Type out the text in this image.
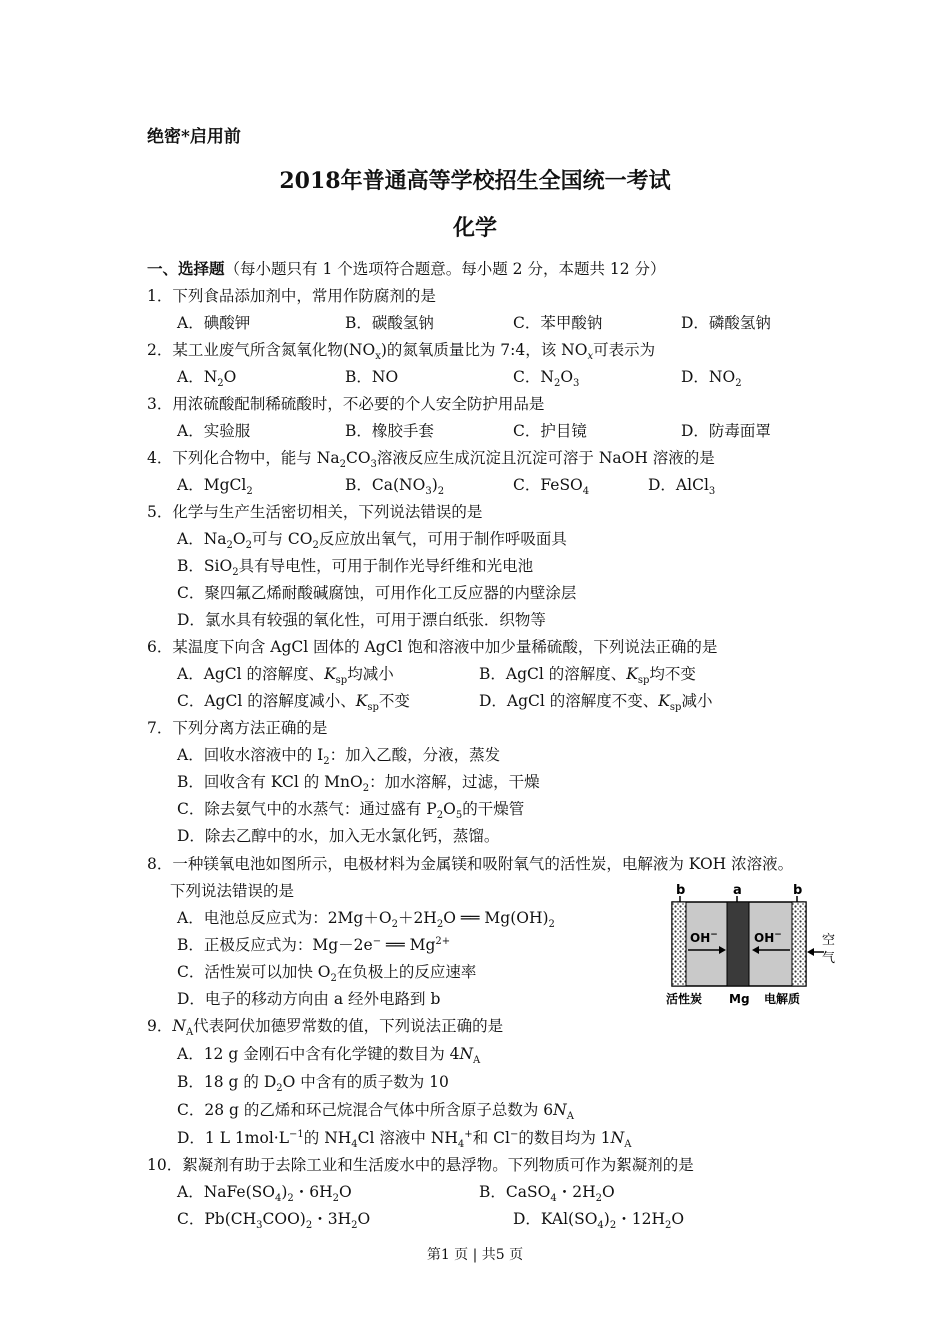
绝密*启用前
2018年普通高等学校招生全国统一考试
化学
一、选择题（每小题只有 1 个选项符合题意。每小题 2 分，本题共 12 分）
1．下列食品添加剂中，常用作防腐剂的是
A．碘酸钾	B．碳酸氢钠	C．苯甲酸钠	D．磷酸氢钠
2．某工业废气所含氮氧化物$(NO_x)$的氮氧质量比为 7:4，该 $NO_x$可表示为
A．$N_2O$	B．NO	C．$N_2O_3$	D．$NO_2$
3．用浓硫酸配制稀硫酸时，不必要的个人安全防护用品是
A．实验服	B．橡胶手套	C．护目镜	D．防毒面罩
4．下列化合物中，能与 $Na_2CO_3$溶液反应生成沉淀且沉淀可溶于 NaOH 溶液的是
A．MgCl$_2$	B．$Ca(NO_3)_2$	C．FeSO$_4$	D．AlCl$_3$
5．化学与生产生活密切相关，下列说法错误的是
A．$Na_2O_2$可与 $CO_2$反应放出氧气，可用于制作呼吸面具
B．SiO$_2$具有导电性，可用于制作光导纤维和光电池
C．聚四氟乙烯耐酸碱腐蚀，可用作化工反应器的内壁涂层
D．氯水具有较强的氧化性，可用于漂白纸张．织物等
6．某温度下向含 AgCl 固体的 AgCl 饱和溶液中加少量稀硫酸，下列说法正确的是
A．AgCl 的溶解度、$K_{sp}$均减小	B．AgCl 的溶解度、$K_{sp}$均不变
C．AgCl 的溶解度减小、$K_{sp}$不变	D．AgCl 的溶解度不变、$K_{sp}$减小
7．下列分离方法正确的是
A．回收水溶液中的 $I_2$：加入乙酸，分液，蒸发
B．回收含有 KCl 的 MnO$_2$：加水溶解，过滤，干燥
C．除去氨气中的水蒸气：通过盛有 $P_2O_5$的干燥管
D．除去乙醇中的水，加入无水氯化钙，蒸馏。
8．一种镁氧电池如图所示，电极材料为金属镁和吸附氧气的活性炭，电解液为 KOH 浓溶液。
下列说法错误的是
A．电池总反应式为：$2Mg+O_2+2H_2O$ ══ $Mg(OH)_2$
B．正极反应式为：Mg－2e− ══ $Mg^{2+}$
C．活性炭可以加快 $O_2$在负极上的反应速率
D．电子的移动方向由 a 经外电路到 b
b	a	b
OH−	OH−	空
气
活性炭 Mg 电解质
9．$N_A$代表阿伏加德罗常数的值，下列说法正确的是
A．12 g 金刚石中含有化学键的数目为 $4N_A$
B．18 g 的 $D_2O$ 中含有的质子数为 10
C．28 g 的乙烯和环己烷混合气体中所含原子总数为 $6N_A$
D．1 L $1mol\cdot L^{-1}$的 $NH_4Cl$ 溶液中 $NH_4^+$和 Cl−的数目均为 $1N_A$
10．絮凝剂有助于去除工业和生活废水中的悬浮物。下列物质可作为絮凝剂的是
A．$NaFe(SO_4)_2$・$6H_2O$	B．CaSO$_4$・$2H_2O$
C．$Pb(CH_3COO)_2$・$3H_2O$	D．$KAl(SO_4)_2$・$12H_2O$
第1 页 | 共5 页
